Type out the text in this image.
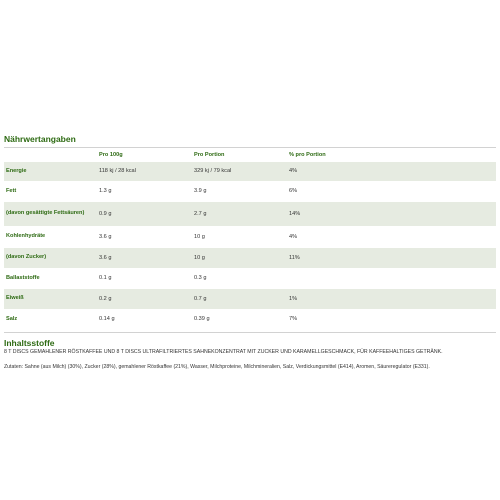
Nährwertangaben
	Pro 100g	Pro Portion	% pro Portion	
Energie	118 kj / 28 kcal	329 kj / 79 kcal	4%	
Fett	1.3 g	3.9 g	6%	
(davon gesättigte Fettsäuren)	0.9 g	2.7 g	14%	
Kohlenhydräte	3.6 g	10 g	4%	
(davon Zucker)	3.6 g	10 g	11%	
Ballaststoffe	0.1 g	0.3 g		
Eiweiß	0.2 g	0.7 g	1%	
Salz	0.14 g	0.39 g	7%	
Inhaltsstoffe

8 T DISCS GEMAHLENER RÖSTKAFFEE UND 8 T DISCS ULTRAFILTRIERTES SAHNEKONZENTRAT MIT ZUCKER UND KARAMELLGESCHMACK, FÜR KAFFEEHALTIGES GETRÄNK.

Zutaten: Sahne (aus Milch) (30%), Zucker (28%), gemahlener Röstkaffee (21%), Wasser, Milchproteine, Milchmineralien, Salz, Verdickungsmittel (E414), Aromen, Säureregulator (E331).
